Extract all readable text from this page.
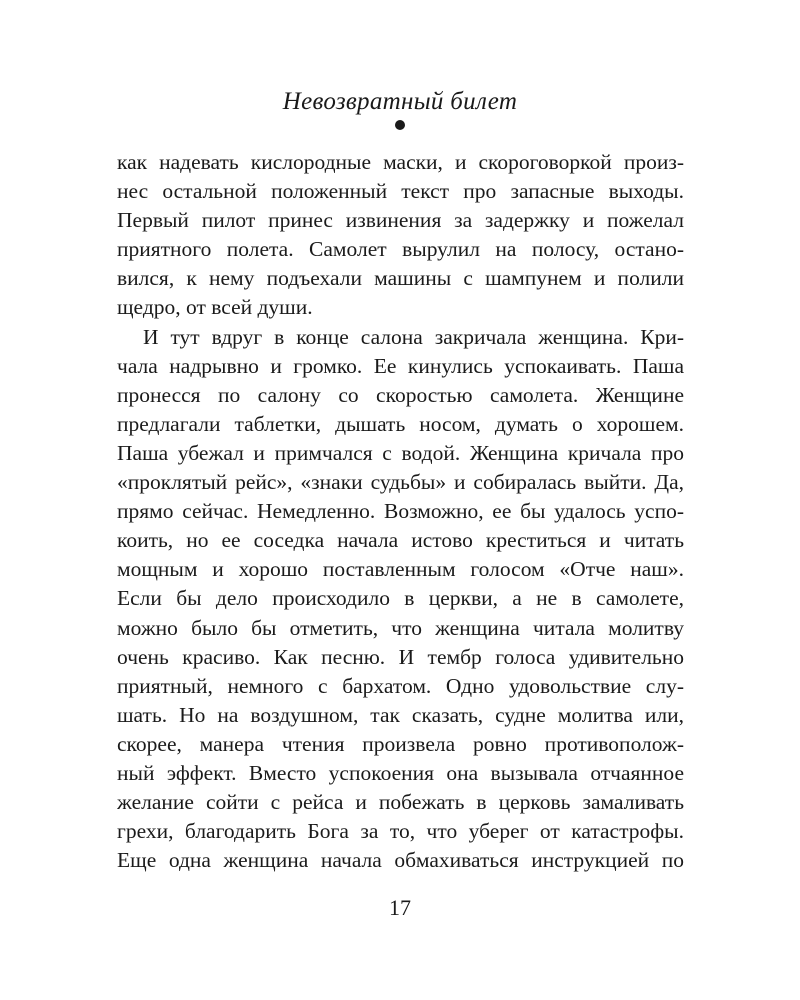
Невозвратный билет
как надевать кислородные маски, и скороговоркой произ-
нес остальной положенный текст про запасные выходы.
Первый пилот принес извинения за задержку и пожелал
приятного полета. Самолет вырулил на полосу, остано-
вился, к нему подъехали машины с шампунем и полили
щедро, от всей души.
И тут вдруг в конце салона закричала женщина. Кри-
чала надрывно и громко. Ее кинулись успокаивать. Паша
пронесся по салону со скоростью самолета. Женщине
предлагали таблетки, дышать носом, думать о хорошем.
Паша убежал и примчался с водой. Женщина кричала про
«проклятый рейс», «знаки судьбы» и собиралась выйти. Да,
прямо сейчас. Немедленно. Возможно, ее бы удалось успо-
коить, но ее соседка начала истово креститься и читать
мощным и хорошо поставленным голосом «Отче наш».
Если бы дело происходило в церкви, а не в самолете,
можно было бы отметить, что женщина читала молитву
очень красиво. Как песню. И тембр голоса удивительно
приятный, немного с бархатом. Одно удовольствие слу-
шать. Но на воздушном, так сказать, судне молитва или,
скорее, манера чтения произвела ровно противополож-
ный эффект. Вместо успокоения она вызывала отчаянное
желание сойти с рейса и побежать в церковь замаливать
грехи, благодарить Бога за то, что уберег от катастрофы.
Еще одна женщина начала обмахиваться инструкцией по
17
